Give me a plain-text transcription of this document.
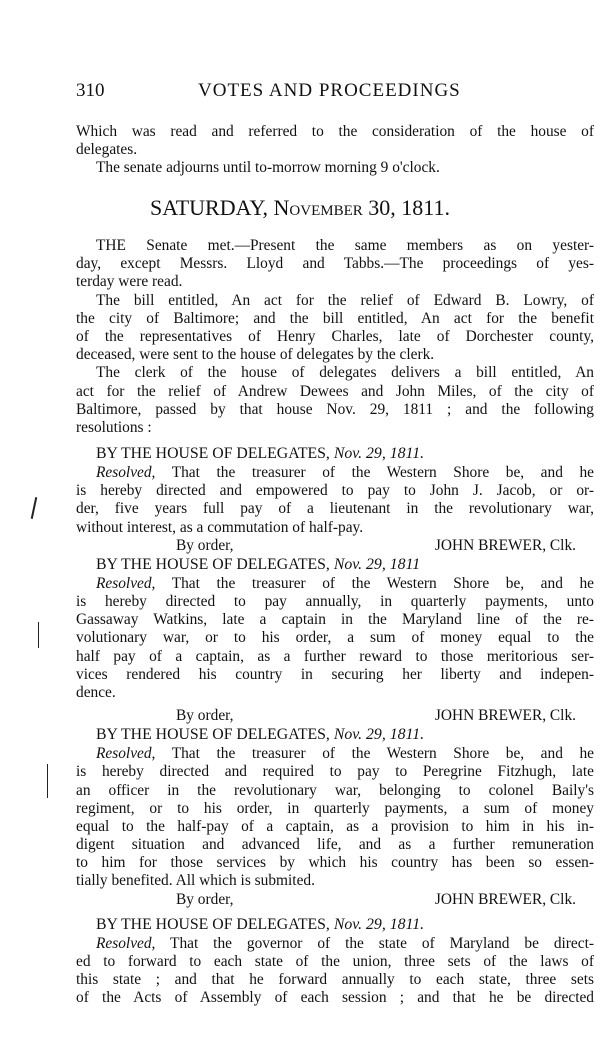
310	VOTES AND PROCEEDINGS
Which was read and referred to the consideration of the house of
delegates.
The senate adjourns until to-morrow morning 9 o'clock.
SATURDAY, November 30, 1811.
THE Senate met.—Present the same members as on yester-
day, except Messrs. Lloyd and Tabbs.—The proceedings of yes-
terday were read.
The bill entitled, An act for the relief of Edward B. Lowry, of
the city of Baltimore; and the bill entitled, An act for the benefit
of the representatives of Henry Charles, late of Dorchester county,
deceased, were sent to the house of delegates by the clerk.
The clerk of the house of delegates delivers a bill entitled, An
act for the relief of Andrew Dewees and John Miles, of the city of
Baltimore, passed by that house Nov. 29, 1811 ; and the following
resolutions :
BY THE HOUSE OF DELEGATES, Nov. 29, 1811.
Resolved, That the treasurer of the Western Shore be, and he
is hereby directed and empowered to pay to John J. Jacob, or or-
der, five years full pay of a lieutenant in the revolutionary war,
without interest, as a commutation of half-pay.
By order,	JOHN BREWER, Clk.
BY THE HOUSE OF DELEGATES, Nov. 29, 1811
Resolved, That the treasurer of the Western Shore be, and he
is hereby directed to pay annually, in quarterly payments, unto
Gassaway Watkins, late a captain in the Maryland line of the re-
volutionary war, or to his order, a sum of money equal to the
half pay of a captain, as a further reward to those meritorious ser-
vices rendered his country in securing her liberty and indepen-
dence.
By order,	JOHN BREWER, Clk.
BY THE HOUSE OF DELEGATES, Nov. 29, 1811.
Resolved, That the treasurer of the Western Shore be, and he
is hereby directed and required to pay to Peregrine Fitzhugh, late
an officer in the revolutionary war, belonging to colonel Baily's
regiment, or to his order, in quarterly payments, a sum of money
equal to the half-pay of a captain, as a provision to him in his in-
digent situation and advanced life, and as a further remuneration
to him for those services by which his country has been so essen-
tially benefited. All which is submited.
By order,	JOHN BREWER, Clk.
BY THE HOUSE OF DELEGATES, Nov. 29, 1811.
Resolved, That the governor of the state of Maryland be direct-
ed to forward to each state of the union, three sets of the laws of
this state ; and that he forward annually to each state, three sets
of the Acts of Assembly of each session ; and that he be directed
